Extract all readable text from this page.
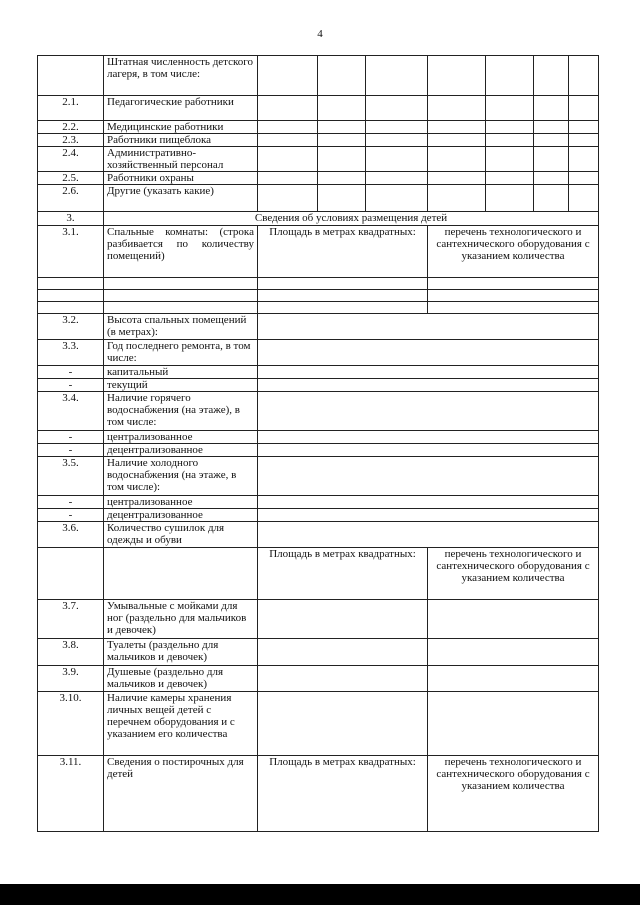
4
	Штатная численность детского лагеря, в том числе:							
2.1.	Педагогические работники							
2.2.	Медицинские работники							
2.3.	Работники пищеблока							
2.4.	Административно-хозяйственный персонал							
2.5.	Работники охраны							
2.6.	Другие (указать какие)							
3.	Сведения об условиях размещения детей							
3.1.	Спальные комнаты: (строка разбивается по количеству помещений)	Площадь в метрах квадратных:			перечень технологического и сантехнического оборудования с указанием количества			

3.2.	Высота спальных помещений (в метрах):							
3.3.	Год последнего ремонта, в том числе:							
-	капитальный							
-	текущий							
3.4.	Наличие горячего водоснабжения (на этаже), в том числе:							
-	централизованное							
-	децентрализованное							
3.5.	Наличие холодного водоснабжения (на этаже, в том числе):							
-	централизованное							
-	децентрализованное							
3.6.	Количество сушилок для одежды и обуви							
		Площадь в метрах квадратных:			перечень технологического и сантехнического оборудования с указанием количества			
3.7.	Умывальные с мойками для ног (раздельно для мальчиков и девочек)							
3.8.	Туалеты (раздельно для мальчиков и девочек)							
3.9.	Душевые (раздельно для мальчиков и девочек)							
3.10.	Наличие камеры хранения личных вещей детей с перечнем оборудования и с указанием его количества							
3.11.	Сведения о постирочных для детей	Площадь в метрах квадратных:			перечень технологического и сантехнического оборудования с указанием количества			
